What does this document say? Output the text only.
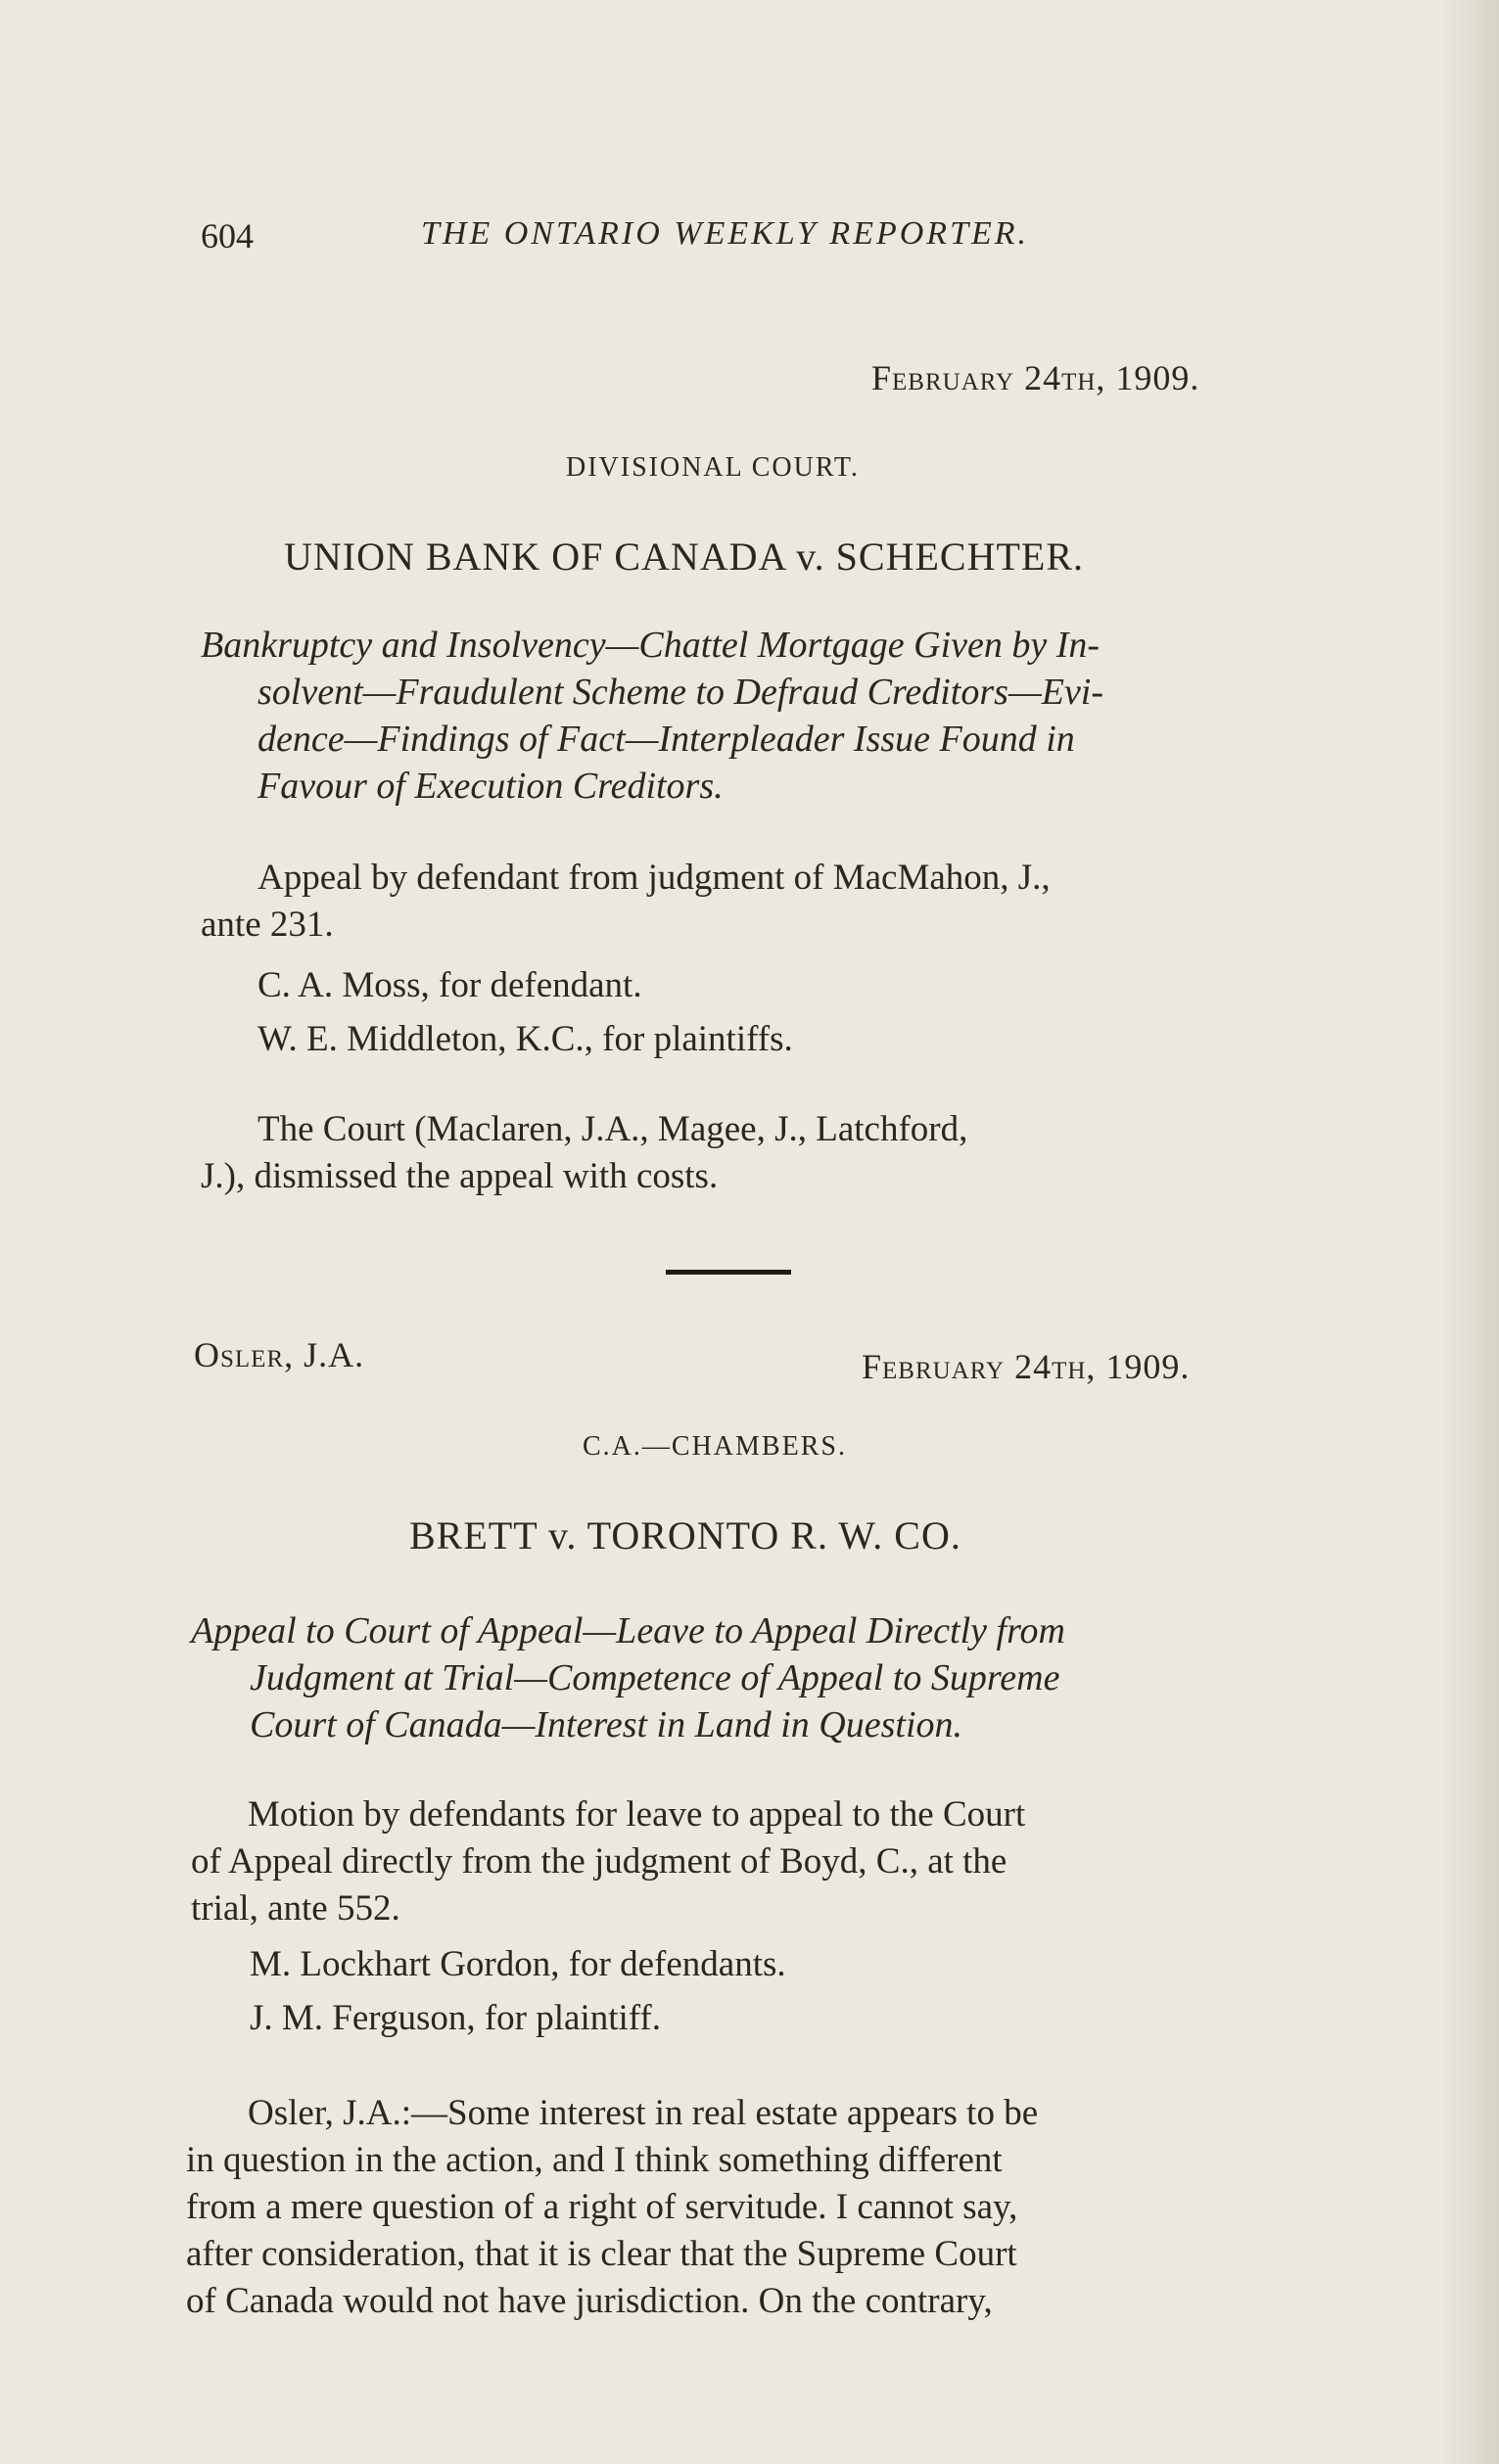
604	THE ONTARIO WEEKLY REPORTER.
February 24th, 1909.
DIVISIONAL COURT.
UNION BANK OF CANADA v. SCHECHTER.
Bankruptcy and Insolvency—Chattel Mortgage Given by In-
solvent—Fraudulent Scheme to Defraud Creditors—Evi-
dence—Findings of Fact—Interpleader Issue Found in
Favour of Execution Creditors.
Appeal by defendant from judgment of MacMahon, J.,
ante 231.
C. A. Moss, for defendant.
W. E. Middleton, K.C., for plaintiffs.
The Court (Maclaren, J.A., Magee, J., Latchford,
J.), dismissed the appeal with costs.
Osler, J.A.	February 24th, 1909.
C.A.—CHAMBERS.
BRETT v. TORONTO R. W. CO.
Appeal to Court of Appeal—Leave to Appeal Directly from
Judgment at Trial—Competence of Appeal to Supreme
Court of Canada—Interest in Land in Question.
Motion by defendants for leave to appeal to the Court
of Appeal directly from the judgment of Boyd, C., at the
trial, ante 552.
M. Lockhart Gordon, for defendants.
J. M. Ferguson, for plaintiff.
Osler, J.A.:—Some interest in real estate appears to be
in question in the action, and I think something different
from a mere question of a right of servitude. I cannot say,
after consideration, that it is clear that the Supreme Court
of Canada would not have jurisdiction. On the contrary,
